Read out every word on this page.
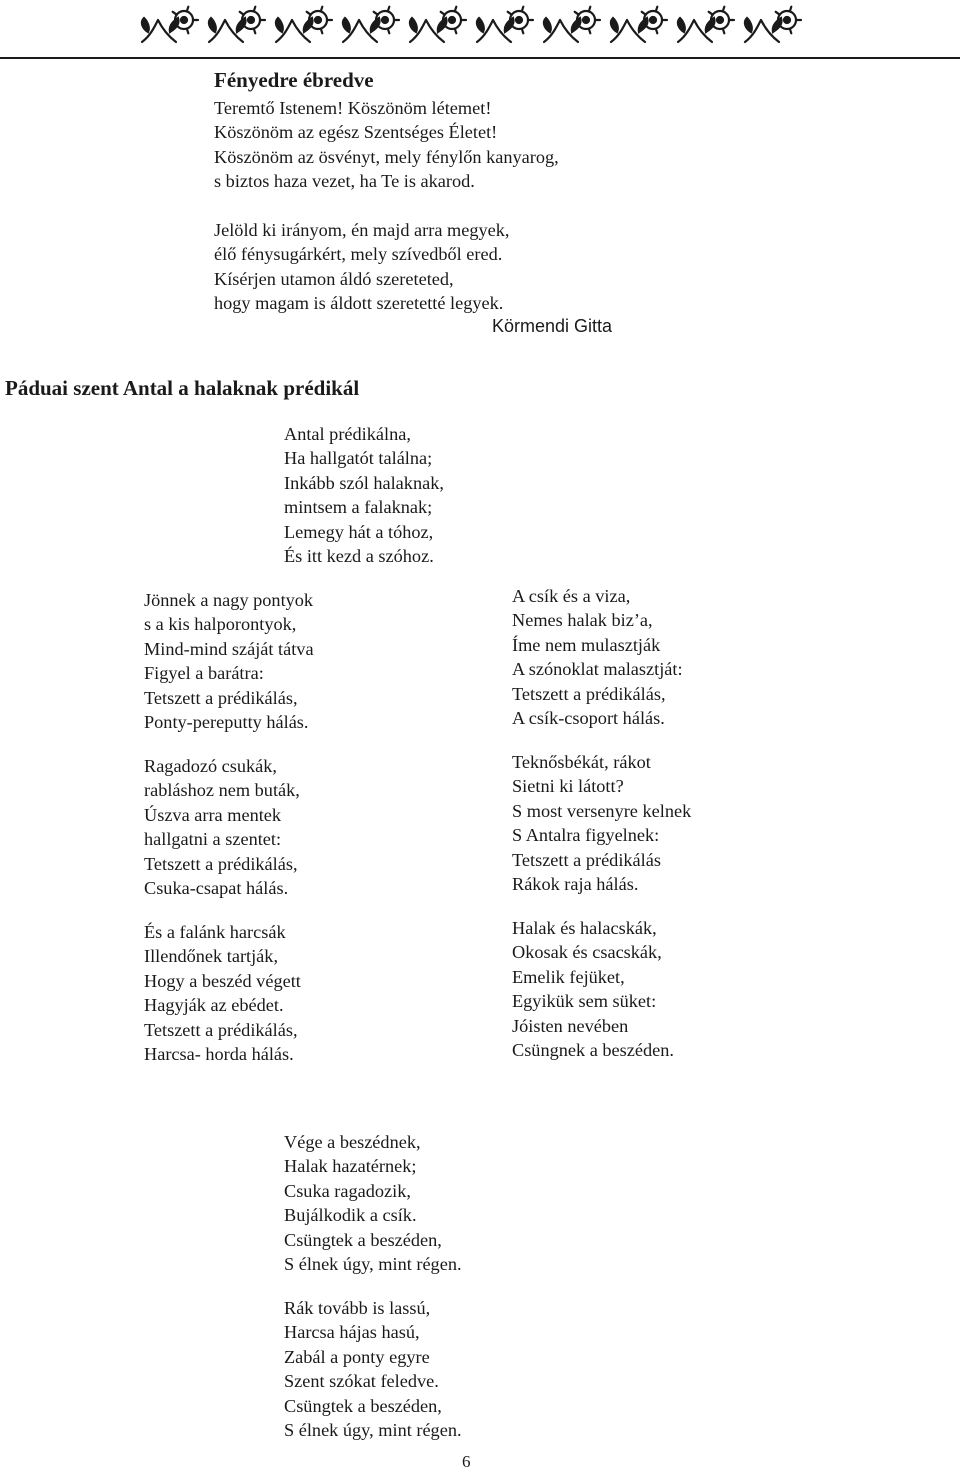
Fényedre ébredve
Teremtő Istenem! Köszönöm létemet!
Köszönöm az egész Szentséges Életet!
Köszönöm az ösvényt, mely fénylőn kanyarog,
s biztos haza vezet, ha Te is akarod.
Jelöld ki irányom, én majd arra megyek,
élő fénysugárkért, mely szívedből ered.
Kísérjen utamon áldó szereteted,
hogy magam is áldott szeretetté legyek.
Körmendi Gitta
Páduai szent Antal a halaknak prédikál
Antal prédikálna,
Ha hallgatót találna;
Inkább szól halaknak,
mintsem a falaknak;
Lemegy hát a tóhoz,
És itt kezd a szóhoz.
Jönnek a nagy pontyok
s a kis halporontyok,
Mind-mind száját tátva
Figyel a barátra:
Tetszett a prédikálás,
Ponty-pereputty hálás.
Ragadozó csukák,
rabláshoz nem buták,
Úszva arra mentek
hallgatni a szentet:
Tetszett a prédikálás,
Csuka-csapat hálás.
És a falánk harcsák
Illendőnek tartják,
Hogy a beszéd végett
Hagyják az ebédet.
Tetszett a prédikálás,
Harcsa- horda hálás.
A csík és a viza,
Nemes halak biz’a,
Íme nem mulasztják
A szónoklat malasztját:
Tetszett a prédikálás,
A csík-csoport hálás.
Teknősbékát, rákot
Sietni ki látott?
S most versenyre kelnek
S Antalra figyelnek:
Tetszett a prédikálás
Rákok raja hálás.
Halak és halacskák,
Okosak és csacskák,
Emelik fejüket,
Egyikük sem süket:
Jóisten nevében
Csüngnek a beszéden.
Vége a beszédnek,
Halak hazatérnek;
Csuka ragadozik,
Bujálkodik a csík.
Csüngtek a beszéden,
S élnek úgy, mint régen.
Rák tovább is lassú,
Harcsa hájas hasú,
Zabál a ponty egyre
Szent szókat feledve.
Csüngtek a beszéden,
S élnek úgy, mint régen.
6
